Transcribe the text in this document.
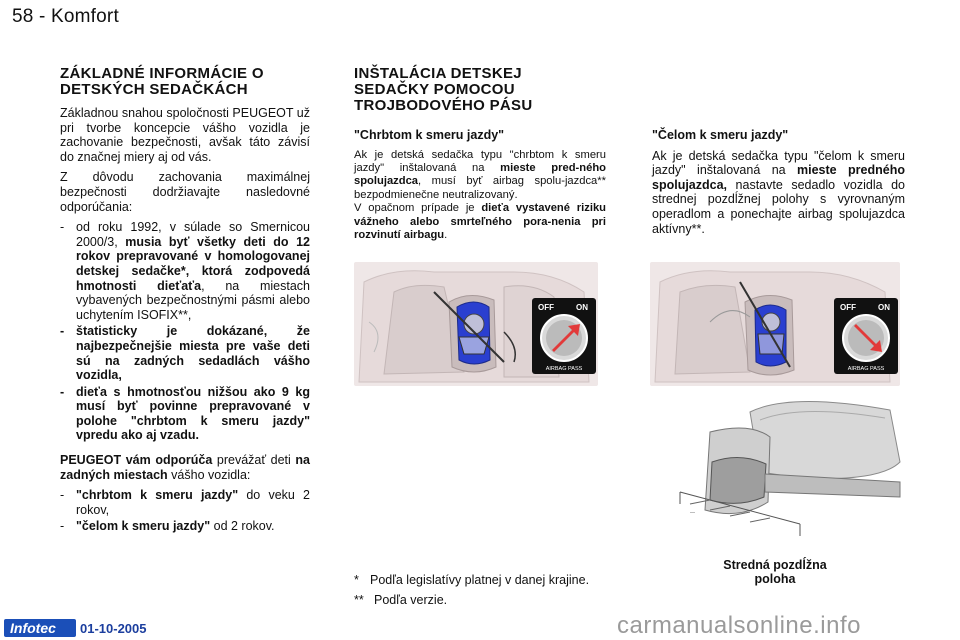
58 - Komfort
ZÁKLADNÉ INFORMÁCIE O
DETSKÝCH SEDAČKÁCH

Základnou snahou spoločnosti PEUGEOT už pri tvorbe koncepcie vášho vozidla je zachovanie bezpečnosti, avšak táto závisí do značnej miery aj od vás.

Z dôvodu zachovania maximálnej bezpečnosti dodržiavajte nasledovné odporúčania:

- od roku 1992, v súlade so Smernicou 2000/3, musia byť všetky deti do 12 rokov prepravované v homologovanej detskej sedačke*, ktorá zodpovedá hmotnosti dieťaťa, na miestach vybavených bezpečnostnými pásmi alebo uchytením ISOFIX**,
- štatisticky je dokázané, že najbezpečnejšie miesta pre vaše deti sú na zadných sedadlách vášho vozidla,
- dieťa s hmotnosťou nižšou ako 9 kg musí byť povinne prepravované v polohe "chrbtom k smeru jazdy" vpredu ako aj vzadu.

PEUGEOT vám odporúča prevážať deti na zadných miestach vášho vozidla:

- "chrbtom k smeru jazdy" do veku 2 rokov,
- "čelom k smeru jazdy" od 2 rokov.
INŠTALÁCIA DETSKEJ
SEDAČKY POMOCOU
TROJBODOVÉHO PÁSU
"Chrbtom k smeru jazdy"

Ak je detská sedačka typu "chrbtom k smeru jazdy" inštalovaná na mieste pred-ného spolujazdca, musí byť airbag spolu-jazdca** bezpodmienečne neutralizovaný.
V opačnom prípade je dieťa vystavené riziku vážneho alebo smrteľného pora-nenia pri rozvinutí airbagu.

OFF	ON
AIRBAG PASS
* Podľa legislatívy platnej v danej krajine.
** Podľa verzie.
"Čelom k smeru jazdy"

Ak je detská sedačka typu "čelom k smeru jazdy" inštalovaná na mieste predného spolujazdca, nastavte sedadlo vozidla do strednej pozdĺžnej polohy s vyrovnaným operadlom a ponechajte airbag spolujazdca aktívny**.

OFF	ON
AIRBAG PASS
—
Stredná pozdĺžna
poloha
Infotec	01-10-2005	carmanualsonline.info
